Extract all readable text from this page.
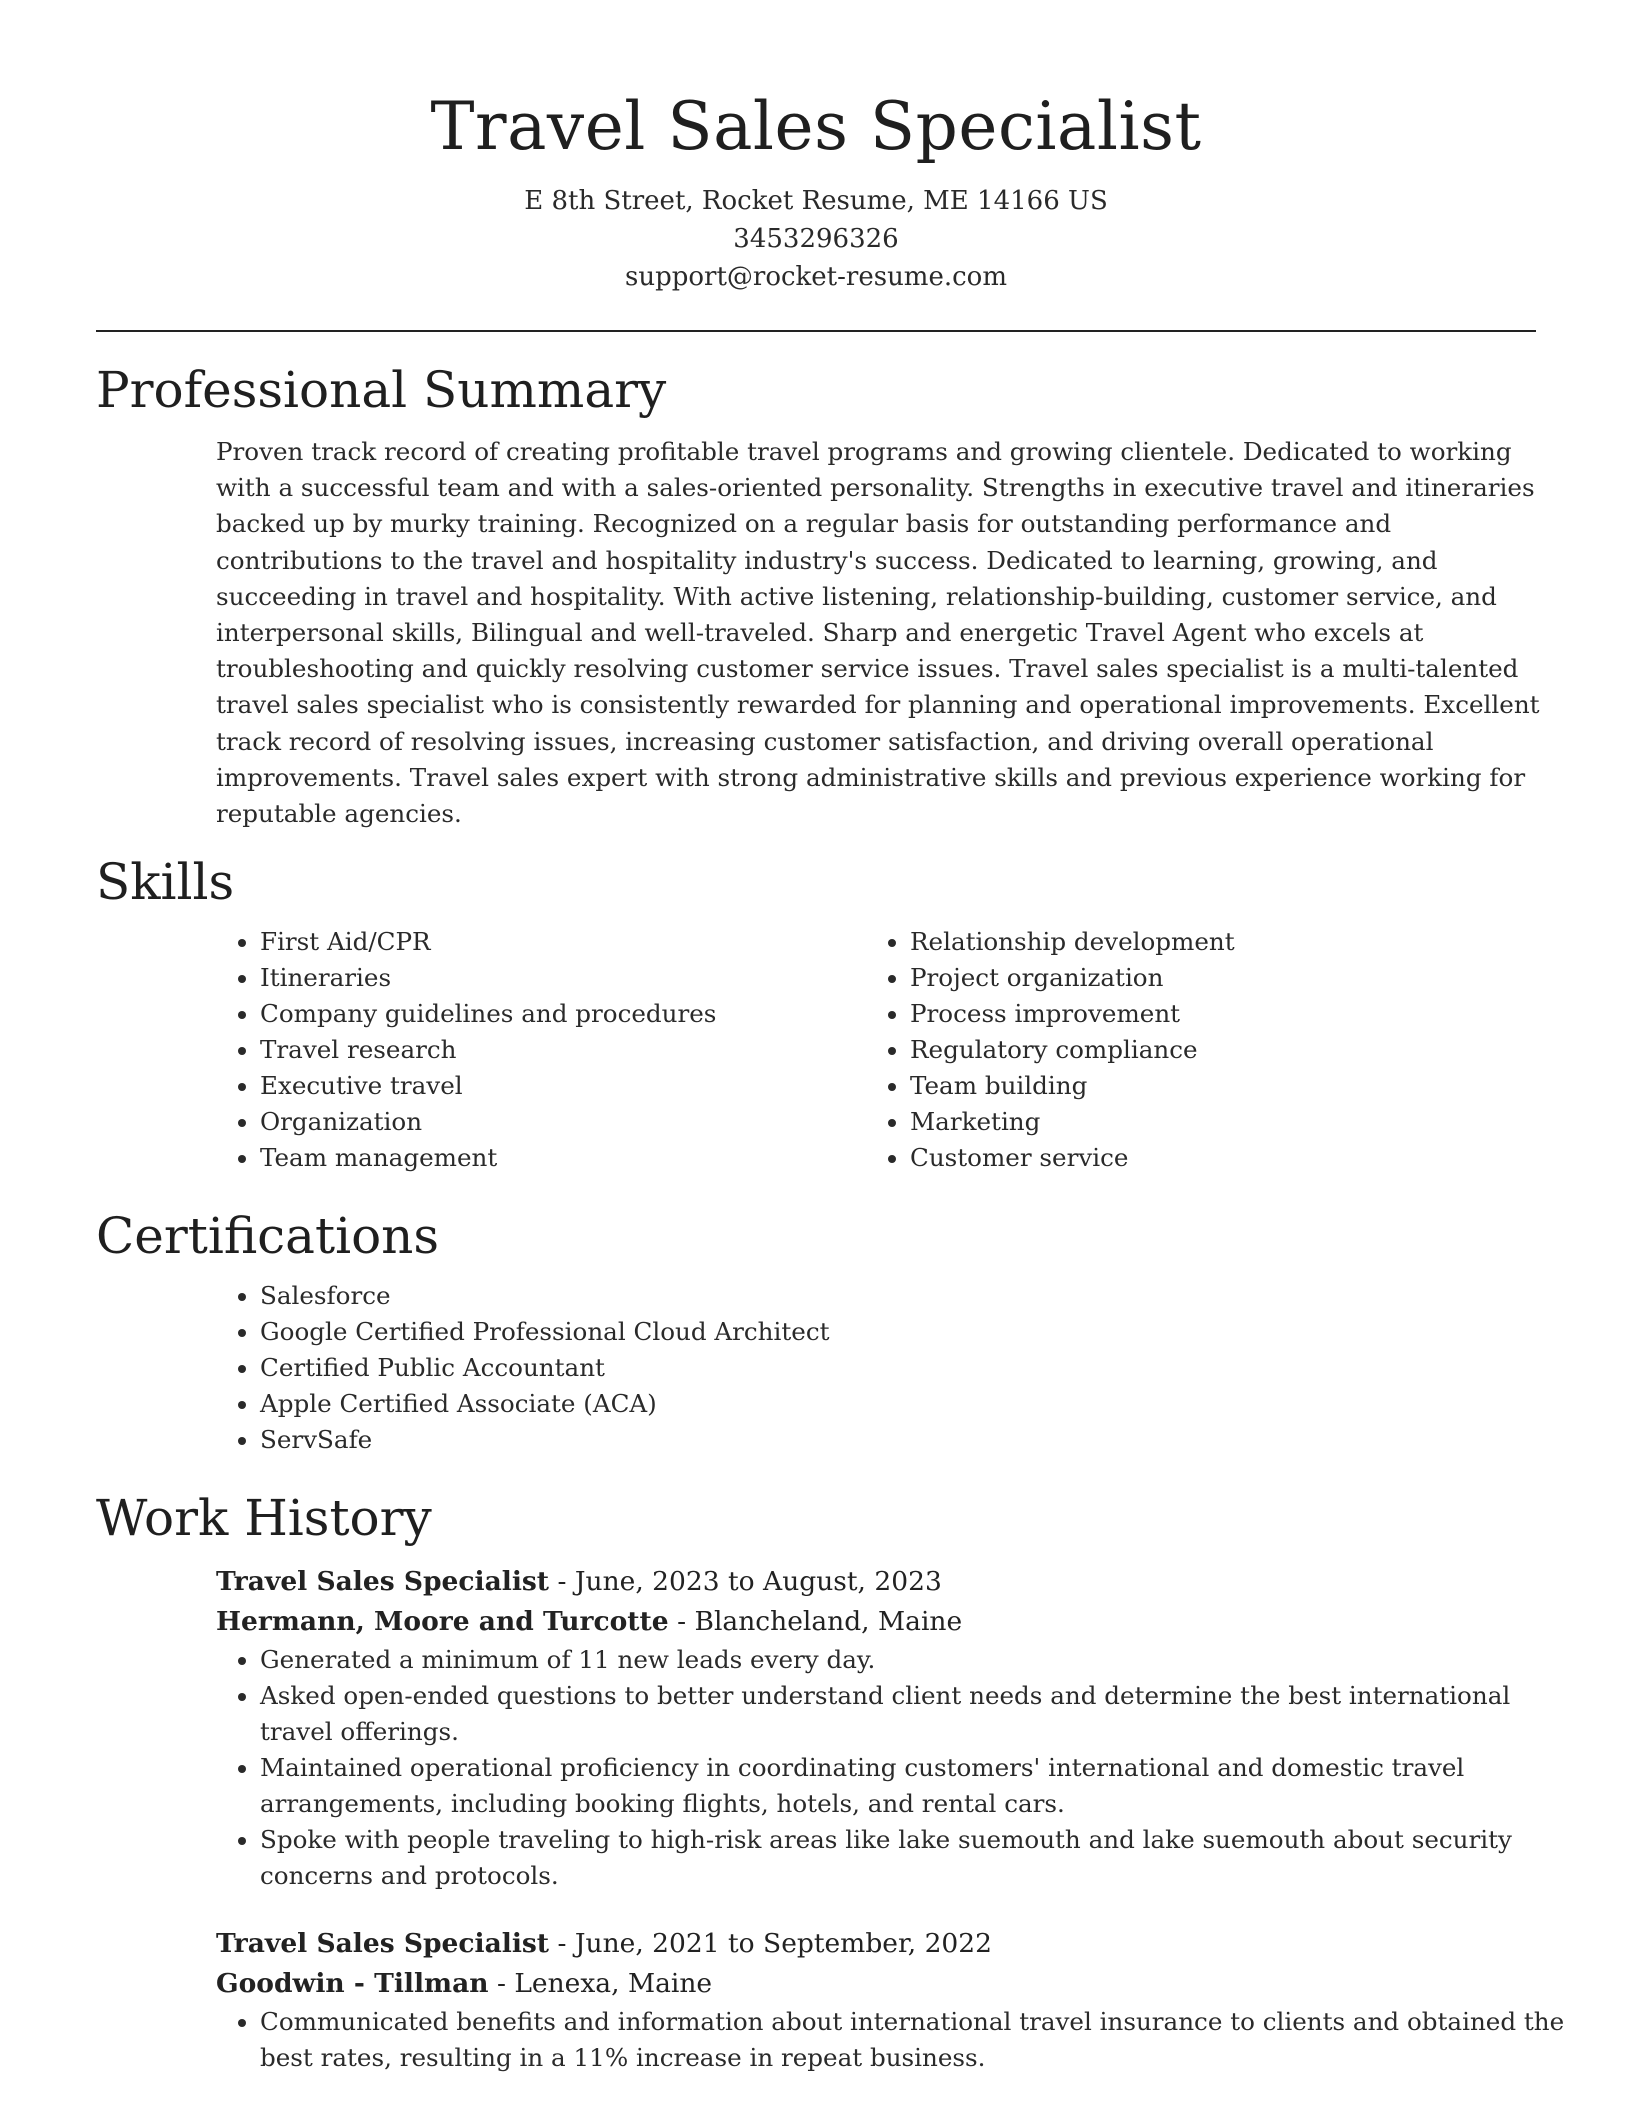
Travel Sales Specialist
E 8th Street, Rocket Resume, ME 14166 US
3453296326
support@rocket-resume.com
Professional Summary
Proven track record of creating profitable travel programs and growing clientele. Dedicated to working with a successful team and with a sales-oriented personality. Strengths in executive travel and itineraries backed up by murky training. Recognized on a regular basis for outstanding performance and contributions to the travel and hospitality industry's success. Dedicated to learning, growing, and succeeding in travel and hospitality. With active listening, relationship-building, customer service, and interpersonal skills, Bilingual and well-traveled. Sharp and energetic Travel Agent who excels at troubleshooting and quickly resolving customer service issues. Travel sales specialist is a multi-talented travel sales specialist who is consistently rewarded for planning and operational improvements. Excellent track record of resolving issues, increasing customer satisfaction, and driving overall operational improvements. Travel sales expert with strong administrative skills and previous experience working for reputable agencies.
Skills
• First Aid/CPR
• Itineraries
• Company guidelines and procedures
• Travel research
• Executive travel
• Organization
• Team management
• Relationship development
• Project organization
• Process improvement
• Regulatory compliance
• Team building
• Marketing
• Customer service
Certifications
• Salesforce
• Google Certified Professional Cloud Architect
• Certified Public Accountant
• Apple Certified Associate (ACA)
• ServSafe
Work History
Travel Sales Specialist - June, 2023 to August, 2023
Hermann, Moore and Turcotte - Blancheland, Maine
• Generated a minimum of 11 new leads every day.
• Asked open-ended questions to better understand client needs and determine the best international travel offerings.
• Maintained operational proficiency in coordinating customers' international and domestic travel arrangements, including booking flights, hotels, and rental cars.
• Spoke with people traveling to high-risk areas like lake suemouth and lake suemouth about security concerns and protocols.
Travel Sales Specialist - June, 2021 to September, 2022
Goodwin - Tillman - Lenexa, Maine
• Communicated benefits and information about international travel insurance to clients and obtained the best rates, resulting in a 11% increase in repeat business.
